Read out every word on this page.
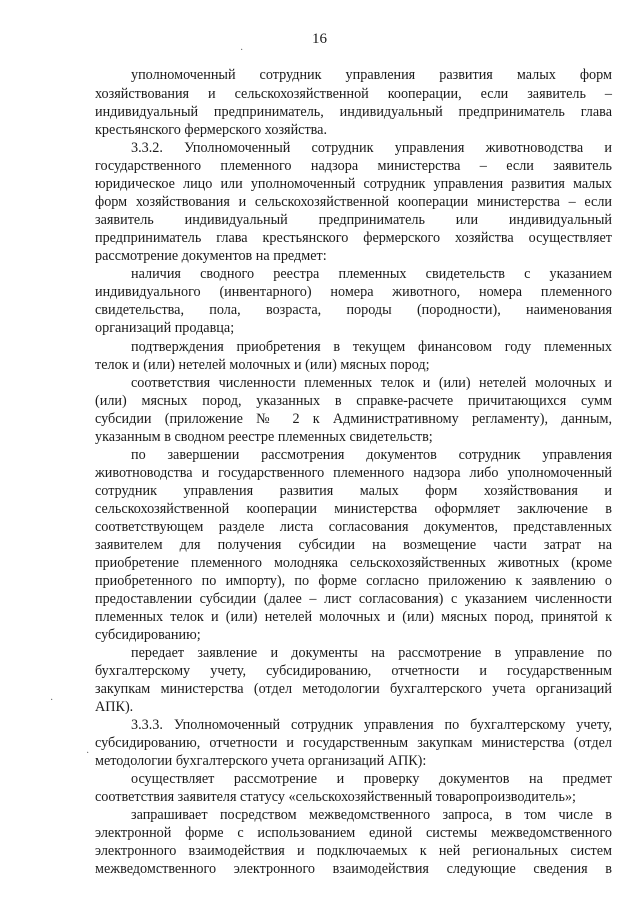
16
уполномоченный сотрудник управления развития малых форм
хозяйствования и сельскохозяйственной кооперации, если заявитель –
индивидуальный предприниматель, индивидуальный предприниматель глава
крестьянского фермерского хозяйства.
3.3.2. Уполномоченный сотрудник управления животноводства и
государственного племенного надзора министерства – если заявитель
юридическое лицо или уполномоченный сотрудник управления развития малых
форм хозяйствования и сельскохозяйственной кооперации министерства – если
заявитель индивидуальный предприниматель или индивидуальный
предприниматель глава крестьянского фермерского хозяйства осуществляет
рассмотрение документов на предмет:
наличия сводного реестра племенных свидетельств с указанием
индивидуального (инвентарного) номера животного, номера племенного
свидетельства, пола, возраста, породы (породности), наименования
организаций продавца;
подтверждения приобретения в текущем финансовом году племенных
телок и (или) нетелей молочных и (или) мясных пород;
соответствия численности племенных телок и (или) нетелей молочных и
(или) мясных пород, указанных в справке-расчете причитающихся сумм
субсидии (приложение № 2 к Административному регламенту), данным,
указанным в сводном реестре племенных свидетельств;
по завершении рассмотрения документов сотрудник управления
животноводства и государственного племенного надзора либо уполномоченный
сотрудник управления развития малых форм хозяйствования и
сельскохозяйственной кооперации министерства оформляет заключение в
соответствующем разделе листа согласования документов, представленных
заявителем для получения субсидии на возмещение части затрат на
приобретение племенного молодняка сельскохозяйственных животных (кроме
приобретенного по импорту), по форме согласно приложению к заявлению о
предоставлении субсидии (далее – лист согласования) с указанием численности
племенных телок и (или) нетелей молочных и (или) мясных пород, принятой к
субсидированию;
передает заявление и документы на рассмотрение в управление по
бухгалтерскому учету, субсидированию, отчетности и государственным
закупкам министерства (отдел методологии бухгалтерского учета организаций
АПК).
3.3.3. Уполномоченный сотрудник управления по бухгалтерскому учету,
субсидированию, отчетности и государственным закупкам министерства (отдел
методологии бухгалтерского учета организаций АПК):
осуществляет рассмотрение и проверку документов на предмет
соответствия заявителя статусу «сельскохозяйственный товаропроизводитель»;
запрашивает посредством межведомственного запроса, в том числе в
электронной форме с использованием единой системы межведомственного
электронного взаимодействия и подключаемых к ней региональных систем
межведомственного электронного взаимодействия следующие сведения в
·
·
·
